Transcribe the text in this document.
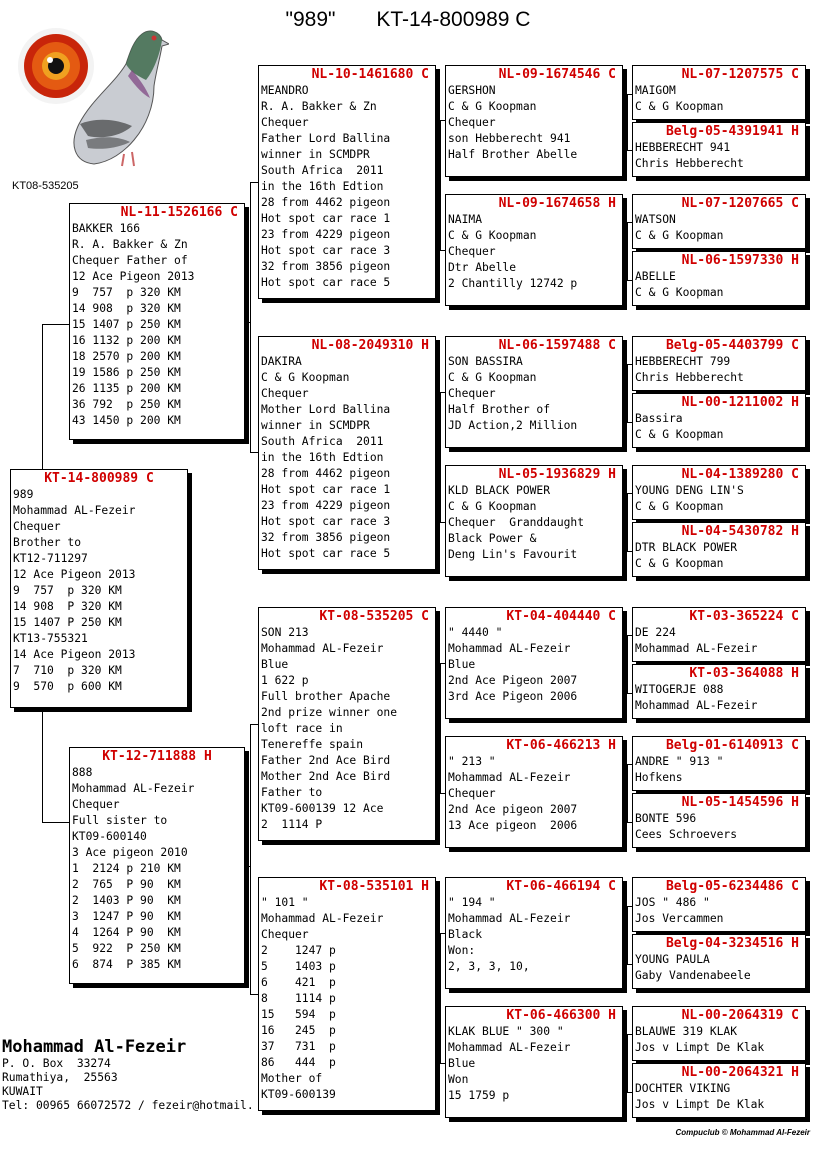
"989"       KT-14-800989 C
KT08-535205
KT-14-800989 C
989
Mohammad AL-Fezeir
Chequer
Brother to
KT12-711297
12 Ace Pigeon 2013
9  757  p 320 KM
14 908  P 320 KM
15 1407 P 250 KM
KT13-755321
14 Ace Pigeon 2013
7  710  p 320 KM
9  570  p 600 KM
NL-11-1526166 C
BAKKER 166
R. A. Bakker & Zn
Chequer Father of
12 Ace Pigeon 2013
9  757  p 320 KM
14 908  p 320 KM
15 1407 p 250 KM
16 1132 p 200 KM
18 2570 p 200 KM
19 1586 p 250 KM
26 1135 p 200 KM
36 792  p 250 KM
43 1450 p 200 KM
KT-12-711888 H
888
Mohammad AL-Fezeir
Chequer
Full sister to
KT09-600140
3 Ace pigeon 2010
1  2124 p 210 KM
2  765  P 90  KM
2  1403 P 90  KM
3  1247 P 90  KM
4  1264 P 90  KM
5  922  P 250 KM
6  874  P 385 KM
NL-10-1461680 C
MEANDRO
R. A. Bakker & Zn
Chequer
Father Lord Ballina
winner in SCMDPR
South Africa  2011
in the 16th Edtion
28 from 4462 pigeon
Hot spot car race 1
23 from 4229 pigeon
Hot spot car race 3
32 from 3856 pigeon
Hot spot car race 5
NL-08-2049310 H
DAKIRA
C & G Koopman
Chequer
Mother Lord Ballina
winner in SCMDPR
South Africa  2011
in the 16th Edtion
28 from 4462 pigeon
Hot spot car race 1
23 from 4229 pigeon
Hot spot car race 3
32 from 3856 pigeon
Hot spot car race 5
KT-08-535205 C
SON 213
Mohammad AL-Fezeir
Blue
1 622 p
Full brother Apache
2nd prize winner one
loft race in
Tenereffe spain
Father 2nd Ace Bird
Mother 2nd Ace Bird
Father to
KT09-600139 12 Ace
2  1114 P
KT-08-535101 H
" 101 "
Mohammad AL-Fezeir
Chequer
2    1247 p
5    1403 p
6    421  p
8    1114 p
15   594  p
16   245  p
37   731  p
86   444  p
Mother of
KT09-600139
NL-09-1674546 C
GERSHON
C & G Koopman
Chequer
son Hebberecht 941
Half Brother Abelle
NL-09-1674658 H
NAIMA
C & G Koopman
Chequer
Dtr Abelle
2 Chantilly 12742 p
NL-06-1597488 C
SON BASSIRA
C & G Koopman
Chequer
Half Brother of
JD Action,2 Million
NL-05-1936829 H
KLD BLACK POWER
C & G Koopman
Chequer  Granddaught
Black Power &
Deng Lin's Favourit
KT-04-404440 C
" 4440 "
Mohammad AL-Fezeir
Blue
2nd Ace Pigeon 2007
3rd Ace Pigeon 2006
KT-06-466213 H
" 213 "
Mohammad AL-Fezeir
Chequer
2nd Ace pigeon 2007
13 Ace pigeon  2006
KT-06-466194 C
" 194 "
Mohammad AL-Fezeir
Black
Won:
2, 3, 3, 10,
KT-06-466300 H
KLAK BLUE " 300 "
Mohammad AL-Fezeir
Blue
Won
15 1759 p
NL-07-1207575 C
MAIGOM
C & G Koopman
Belg-05-4391941 H
HEBBERECHT 941
Chris Hebberecht
NL-07-1207665 C
WATSON
C & G Koopman
NL-06-1597330 H
ABELLE
C & G Koopman
Belg-05-4403799 C
HEBBERECHT 799
Chris Hebberecht
NL-00-1211002 H
Bassira
C & G Koopman
NL-04-1389280 C
YOUNG DENG LIN'S
C & G Koopman
NL-04-5430782 H
DTR BLACK POWER
C & G Koopman
KT-03-365224 C
DE 224
Mohammad AL-Fezeir
KT-03-364088 H
WITOGERJE 088
Mohammad AL-Fezeir
Belg-01-6140913 C
ANDRE " 913 "
Hofkens
NL-05-1454596 H
BONTE 596
Cees Schroevers
Belg-05-6234486 C
JOS " 486 "
Jos Vercammen
Belg-04-3234516 H
YOUNG PAULA
Gaby Vandenabeele
NL-00-2064319 C
BLAUWE 319 KLAK
Jos v Limpt De Klak
NL-00-2064321 H
DOCHTER VIKING
Jos v Limpt De Klak
Mohammad Al-Fezeir
P. O. Box  33274
Rumathiya,  25563
KUWAIT
Tel: 00965 66072572 / fezeir@hotmail.
Compuclub © Mohammad Al-Fezeir
